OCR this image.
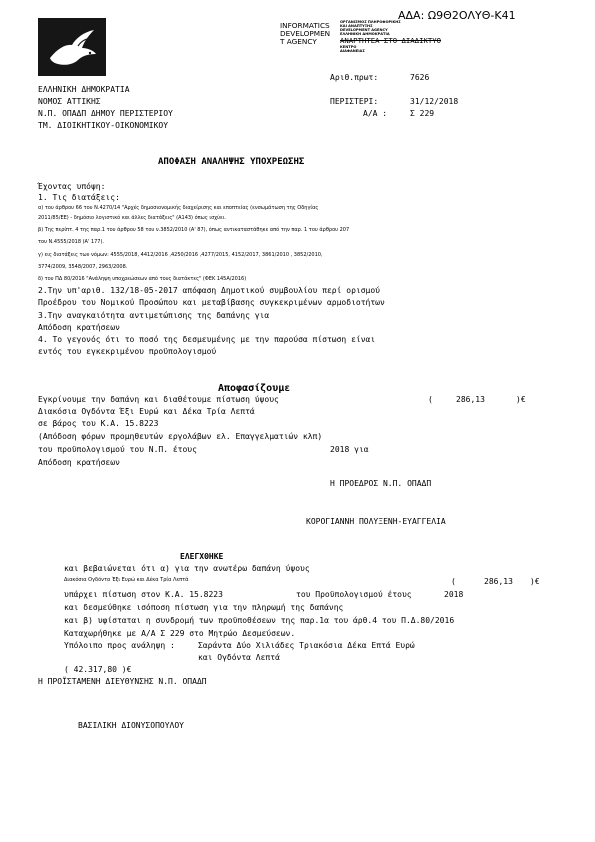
ΑΔΑ: Ω9Θ2ΟΛΥΘ-Κ41
INFORMATICS
DEVELOPMEN
T AGENCY
ΟΡΓΑΝΙΣΜΟΣ ΠΛΗΡΟΦΟΡΙΚΗΣ
ΚΑΙ ΑΝΑΠΤΥΞΗΣ
DEVELOPMENT AGENCY
ΕΛΛΗΝΙΚΗ ΔΗΜΟΚΡΑΤΙΑ
ΑΝΑΡΤΗΤΕΑ ΣΤΟ ΔΙΑΔΙΚΤΥΟ
ΚΕΝΤΡΟ
ΔΙΑΦΑΝΕΙΑΣ
ΕΛΛΗΝΙΚΗ ΔΗΜΟΚΡΑΤΙΑ
ΝΟΜΟΣ ΑΤΤΙΚΗΣ
Ν.Π. ΟΠΑΔΠ ΔΗΜΟΥ ΠΕΡΙΣΤΕΡΙΟΥ
ΤΜ. ΔΙΟΙΚΗΤΙΚΟΥ-ΟΙΚΟΝΟΜΙΚΟΥ
Αριθ.πρωτ:	7626
ΠΕΡΙΣΤΕΡΙ:	31/12/2018
Α/Α :	Σ 229
ΑΠΟΦΑΣΗ ΑΝΑΛΗΨΗΣ ΥΠΟΧΡΕΩΣΗΣ
Έχοντας υπόψη:
1. Τις διατάξεις:
α) του άρθρου 66 του Ν.4270/14 "Αρχές δημοσιονομικής διαχείρισης και εποπτείας (ενσωμάτωση της Οδηγίας
2011/85/ΕΕ) - δημόσιο λογιστικό και άλλες διατάξεις" (Α143) όπως ισχύει.
β) Της περίπτ. 4 της παρ.1 του άρθρου 58 του ν.3852/2010 (Α' 87), όπως αντικαταστάθηκε από την παρ. 1 του άρθρου 207
του Ν.4555/2018 (Α' 177).
γ) εις διατάξεις των νόμων: 4555/2018, 4412/2016 ,4250/2016 ,4277/2015, 4152/2017, 3861/2010 , 3852/2010,
3774/2009, 3548/2007, 2963/2008.
δ) του ΠΔ 80/2016 "Ανάληψη υποχρεώσεων από τους διατάκτες" (ΦΕΚ 145Α/2016)
2.Την υπ'αριθ. 132/18-05-2017 απόφαση Δημοτικού συμβουλίου περί ορισμού
Προέδρου του Νομικού Προσώπου και μεταβίβασης συγκεκριμένων αρμοδιοτήτων
3.Την αναγκαιότητα αντιμετώπισης της δαπάνης για
Απόδοση κρατήσεων
4. Το γεγονός ότι το ποσό της δεσμευμένης με την παρούσα πίστωση είναι
εντός του εγκεκριμένου προϋπολογισμού
Αποφασίζουμε
Εγκρίνουμε την δαπάνη και διαθέτουμε πίστωση ύψους	(	286,13	)€
Διακόσια Ογδόντα Έξι Ευρώ και Δέκα Τρία Λεπτά
σε βάρος του Κ.Α. 15.8223
(Απόδοση φόρων προμηθευτών εργολάβων ελ. Επαγγελματιών κλπ)
του προϋπολογισμού του Ν.Π. έτους	2018 για
Απόδοση κρατήσεων
Η ΠΡΟΕΔΡΟΣ Ν.Π. ΟΠΑΔΠ
ΚΟΡΟΓΙΑΝΝΗ ΠΟΛΥΞΕΝΗ-ΕΥΑΓΓΕΛΙΑ
ΕΛΕΓΧΘΗΚΕ
και βεβαιώνεται ότι α) για την ανωτέρω δαπάνη ύψους
Διακόσια Ογδόντα Έξι Ευρώ και Δέκα Τρία Λεπτά	(	286,13 )€
υπάρχει πίστωση στον Κ.Α. 15.8223	του Προϋπολογισμού έτους	2018
και δεσμεύθηκε ισόποση πίστωση για την πληρωμή της δαπάνης
και β) υφίσταται η συνδρομή των προϋποθέσεων της παρ.1α του άρθ.4 του Π.Δ.80/2016
Καταχωρήθηκε με Α/Α Σ 229 στο Μητρώο Δεσμεύσεων.
Υπόλοιπο προς ανάληψη :	Σαράντα Δύο Χιλιάδες Τριακόσια Δέκα Επτά Ευρώ
και Ογδόντα Λεπτά
( 42.317,80 )€
Η ΠΡΟΪΣΤΑΜΕΝΗ ΔΙΕΥΘΥΝΣΗΣ Ν.Π. ΟΠΑΔΠ
ΒΑΣΙΛΙΚΗ ΔΙΟΝΥΣΟΠΟΥΛΟΥ
